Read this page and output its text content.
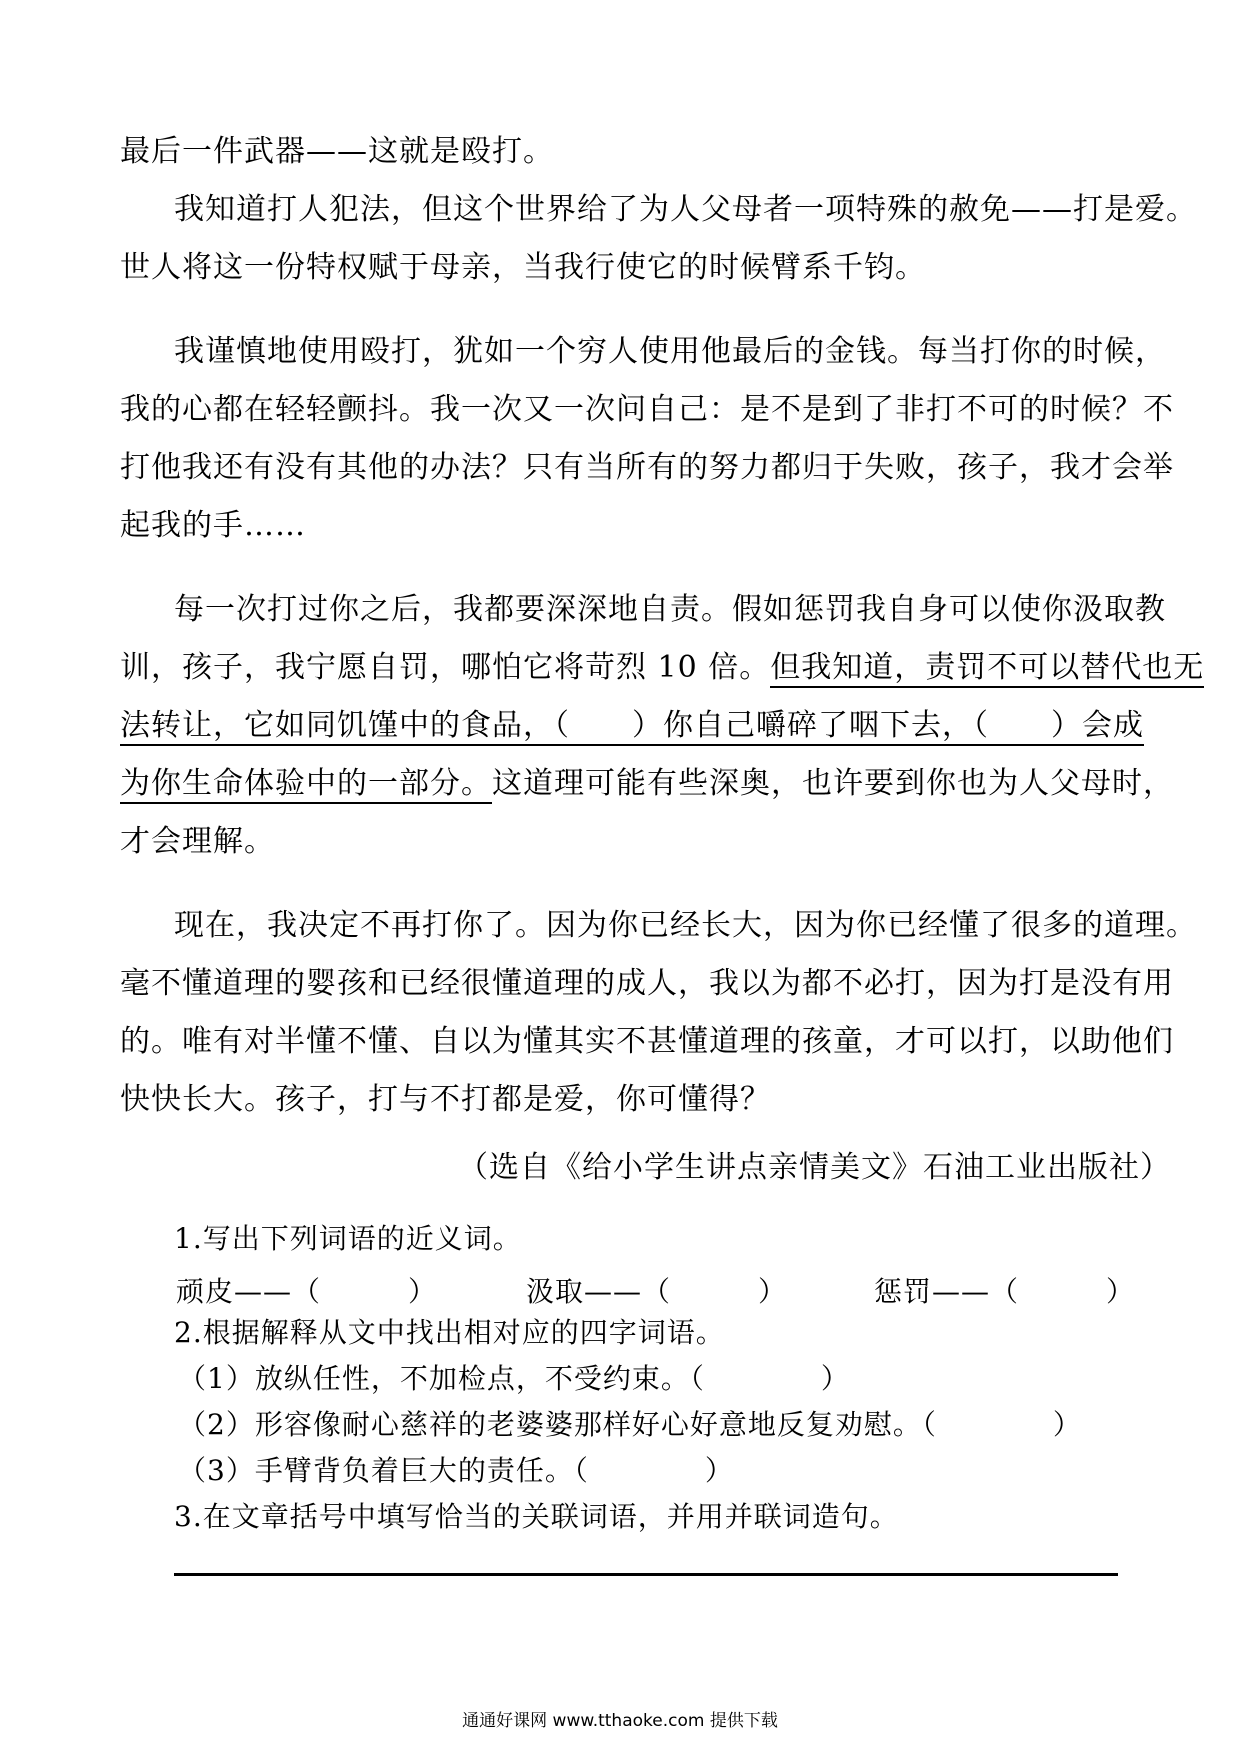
最后一件武器——这就是殴打。
我知道打人犯法，但这个世界给了为人父母者一项特殊的赦免——打是爱。
世人将这一份特权赋于母亲，当我行使它的时候臂系千钧。
我谨慎地使用殴打，犹如一个穷人使用他最后的金钱。每当打你的时候，
我的心都在轻轻颤抖。我一次又一次问自己：是不是到了非打不可的时候？不
打他我还有没有其他的办法？只有当所有的努力都归于失败，孩子，我才会举
起我的手……
每一次打过你之后，我都要深深地自责。假如惩罚我自身可以使你汲取教
训，孩子，我宁愿自罚，哪怕它将苛烈 10 倍。但我知道，责罚不可以替代也无
法转让，它如同饥馑中的食品，（　　）你自己嚼碎了咽下去，（　　）会成
为你生命体验中的一部分。这道理可能有些深奥，也许要到你也为人父母时，
才会理解。
现在，我决定不再打你了。因为你已经长大，因为你已经懂了很多的道理。
毫不懂道理的婴孩和已经很懂道理的成人，我以为都不必打，因为打是没有用
的。唯有对半懂不懂、自以为懂其实不甚懂道理的孩童，才可以打，以助他们
快快长大。孩子，打与不打都是爱，你可懂得？
（选自《给小学生讲点亲情美文》石油工业出版社）
1.写出下列词语的近义词。
顽皮——（　　　）	汲取——（　　　）	惩罚——（　　　）
2.根据解释从文中找出相对应的四字词语。
（1）放纵任性，不加检点，不受约束。（　　　　）
（2）形容像耐心慈祥的老婆婆那样好心好意地反复劝慰。（　　　　）
（3）手臂背负着巨大的责任。（　　　　）
3.在文章括号中填写恰当的关联词语，并用并联词造句。
通通好课网 www.tthaoke.com 提供下载
